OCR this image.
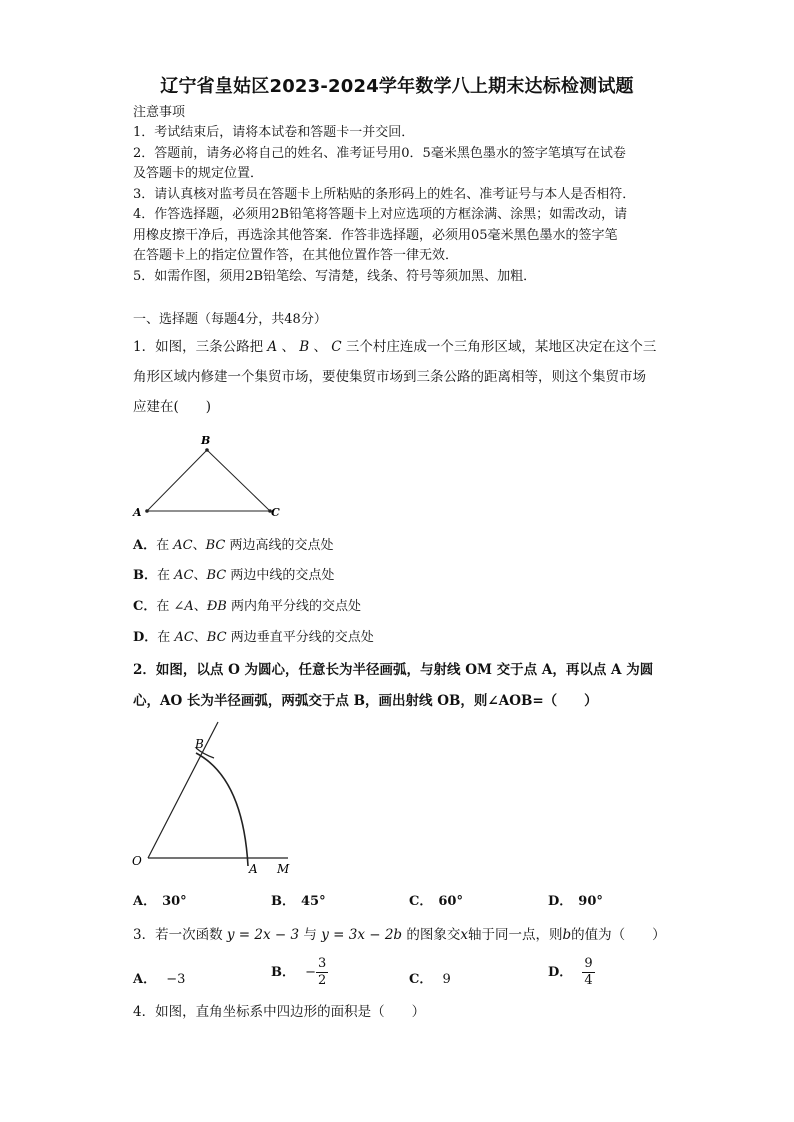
辽宁省皇姑区2023-2024学年数学八上期末达标检测试题
注意事项
1．考试结束后，请将本试卷和答题卡一并交回．
2．答题前，请务必将自己的姓名、准考证号用0．5毫米黑色墨水的签字笔填写在试卷
及答题卡的规定位置．
3．请认真核对监考员在答题卡上所粘贴的条形码上的姓名、准考证号与本人是否相符．
4．作答选择题，必须用2B铅笔将答题卡上对应选项的方框涂满、涂黑；如需改动，请
用橡皮擦干净后，再选涂其他答案．作答非选择题，必须用05毫米黑色墨水的签字笔
在答题卡上的指定位置作答，在其他位置作答一律无效．
5．如需作图，须用2B铅笔绘、写清楚，线条、符号等须加黑、加粗．
一、选择题（每题4分，共48分）
1．如图，三条公路把 A 、 B 、 C 三个村庄连成一个三角形区域，某地区决定在这个三
角形区域内修建一个集贸市场，要使集贸市场到三条公路的距离相等，则这个集贸市场
应建在(　　)
B
A	C
A．在 AC、BC 两边高线的交点处
B．在 AC、BC 两边中线的交点处
C．在 ∠A、ÐB 两内角平分线的交点处
D．在 AC、BC 两边垂直平分线的交点处
2．如图，以点 O 为圆心，任意长为半径画弧，与射线 OM 交于点 A，再以点 A 为圆
心，AO 长为半径画弧，两弧交于点 B，画出射线 OB，则∠AOB=（　　）
B
O
A M
A． 30°	B． 45°	C． 60°	D． 90°
3．若一次函数 y = 2x − 3 与 y = 3x − 2b 的图象交x轴于同一点，则b的值为（　　）
A． −3	B． − $\frac{3}{2}$	C． 9	D． $\frac{9}{4}$
4．如图，直角坐标系中四边形的面积是（　　）
